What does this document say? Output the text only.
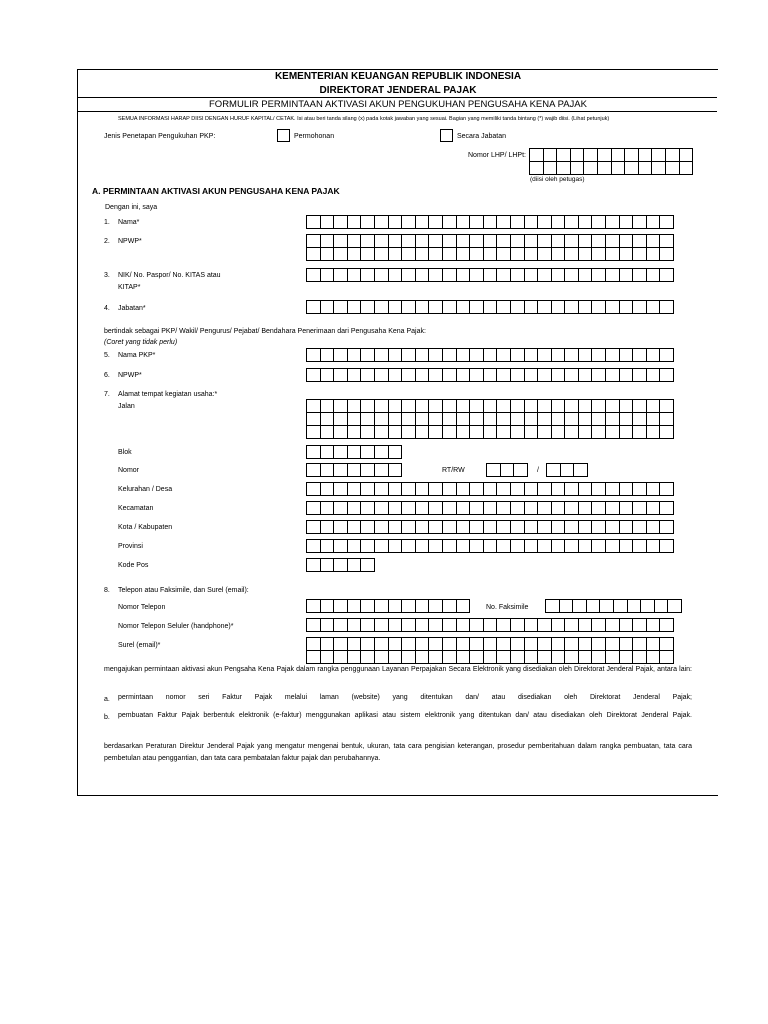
KEMENTERIAN KEUANGAN REPUBLIK INDONESIA
DIREKTORAT JENDERAL PAJAK
FORMULIR PERMINTAAN AKTIVASI AKUN PENGUKUHAN PENGUSAHA KENA PAJAK
SEMUA INFORMASI HARAP DIISI DENGAN HURUF KAPITAL/ CETAK. Isi atau beri tanda silang (x) pada kotak jawaban yang sesuai. Bagian yang memiliki tanda bintang (*) wajib diisi. (Lihat petunjuk)
Jenis Penetapan Pengukuhan PKP:	Permohonan	Secara Jabatan
Nomor LHP/ LHPt:
(diisi oleh petugas)
A. PERMINTAAN AKTIVASI AKUN PENGUSAHA KENA PAJAK
Dengan ini, saya
1. Nama*
2. NPWP*
3. NIK/ No. Paspor/ No. KITAS atau
KITAP*
4. Jabatan*
bertindak sebagai PKP/ Wakil/ Pengurus/ Pejabat/ Bendahara Penerimaan dari Pengusaha Kena Pajak:
(Coret yang tidak perlu)
5. Nama PKP*
6. NPWP*
7. Alamat tempat kegiatan usaha:*
Jalan
Blok
Nomor	RT/RW	/
Kelurahan / Desa
Kecamatan
Kota / Kabupaten
Provinsi
Kode Pos
8. Telepon atau Faksimile, dan Surel (email):
Nomor Telepon	No. Faksimile
Nomor Telepon Seluler (handphone)*
Surel (email)*
mengajukan permintaan aktivasi akun Pengsaha Kena Pajak dalam rangka penggunaan Layanan Perpajakan Secara Elektronik yang disediakan oleh Direktorat Jenderal Pajak, antara lain:
a. permintaan nomor seri Faktur Pajak melalui laman (website) yang ditentukan dan/ atau disediakan oleh Direktorat Jenderal Pajak;
b. pembuatan Faktur Pajak berbentuk elektronik (e-faktur) menggunakan aplikasi atau sistem elektronik yang ditentukan dan/ atau disediakan oleh Direktorat Jenderal Pajak.
berdasarkan Peraturan Direktur Jenderal Pajak yang mengatur mengenai bentuk, ukuran, tata cara pengisian keterangan, prosedur pemberitahuan dalam rangka pembuatan, tata cara pembetulan atau penggantian, dan tata cara pembatalan faktur pajak dan perubahannya.
